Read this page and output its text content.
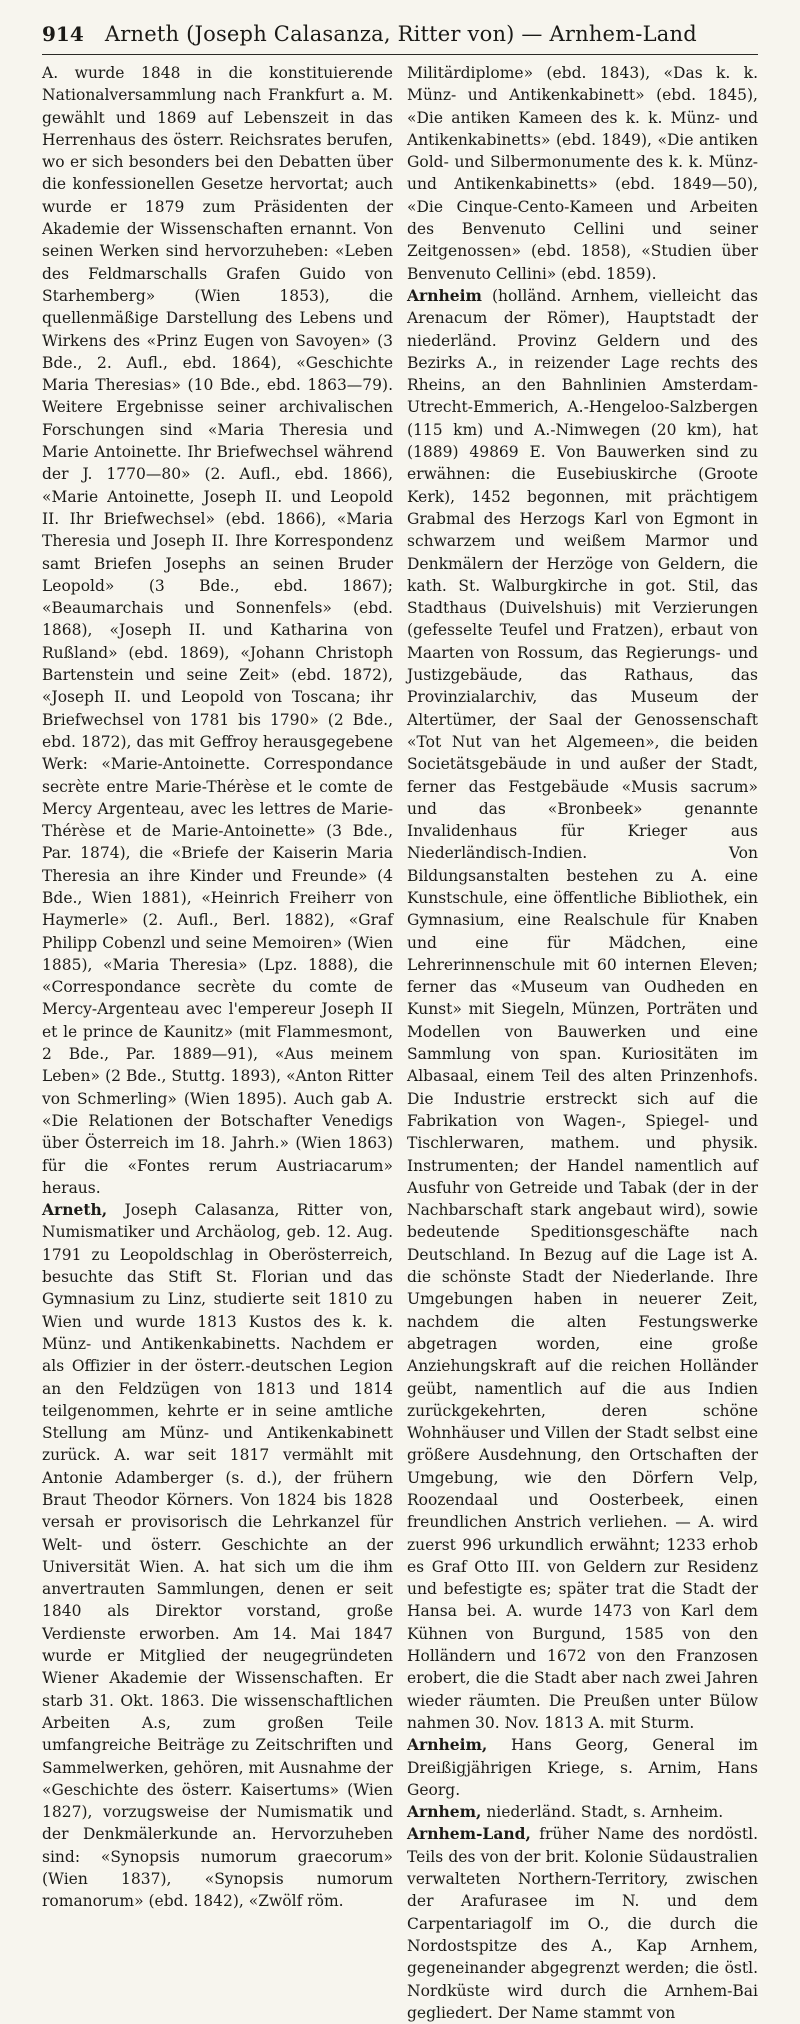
914 Arneth (Joseph Calasanza, Ritter von) — Arnhem-Land

A. wurde 1848 in die konstituierende Nationalversammlung nach Frankfurt a. M. gewählt und 1869 auf Lebenszeit in das Herrenhaus des österr. Reichsrates berufen, wo er sich besonders bei den Debatten über die konfessionellen Gesetze hervortat; auch wurde er 1879 zum Präsidenten der Akademie der Wissenschaften ernannt. Von seinen Werken sind hervorzuheben: «Leben des Feldmarschalls Grafen Guido von Starhemberg» (Wien 1853), die quellenmäßige Darstellung des Lebens und Wirkens des «Prinz Eugen von Savoyen» (3 Bde., 2. Aufl., ebd. 1864), «Geschichte Maria Theresias» (10 Bde., ebd. 1863—79). Weitere Ergebnisse seiner archivalischen Forschungen sind «Maria Theresia und Marie Antoinette. Ihr Briefwechsel während der J. 1770—80» (2. Aufl., ebd. 1866), «Marie Antoinette, Joseph II. und Leopold II. Ihr Briefwechsel» (ebd. 1866), «Maria Theresia und Joseph II. Ihre Korrespondenz samt Briefen Josephs an seinen Bruder Leopold» (3 Bde., ebd. 1867); «Beaumarchais und Sonnenfels» (ebd. 1868), «Joseph II. und Katharina von Rußland» (ebd. 1869), «Johann Christoph Bartenstein und seine Zeit» (ebd. 1872), «Joseph II. und Leopold von Toscana; ihr Briefwechsel von 1781 bis 1790» (2 Bde., ebd. 1872), das mit Geffroy herausgegebene Werk: «Marie-Antoinette. Correspondance secrète entre Marie-Thérèse et le comte de Mercy Argenteau, avec les lettres de Marie-Thérèse et de Marie-Antoinette» (3 Bde., Par. 1874), die «Briefe der Kaiserin Maria Theresia an ihre Kinder und Freunde» (4 Bde., Wien 1881), «Heinrich Freiherr von Haymerle» (2. Aufl., Berl. 1882), «Graf Philipp Cobenzl und seine Memoiren» (Wien 1885), «Maria Theresia» (Lpz. 1888), die «Correspondance secrète du comte de Mercy-Argenteau avec l'empereur Joseph II et le prince de Kaunitz» (mit Flammesmont, 2 Bde., Par. 1889—91), «Aus meinem Leben» (2 Bde., Stuttg. 1893), «Anton Ritter von Schmerling» (Wien 1895). Auch gab A. «Die Relationen der Botschafter Venedigs über Österreich im 18. Jahrh.» (Wien 1863) für die «Fontes rerum Austriacarum» heraus.

Arneth, Joseph Calasanza, Ritter von, Numismatiker und Archäolog, geb. 12. Aug. 1791 zu Leopoldschlag in Oberösterreich, besuchte das Stift St. Florian und das Gymnasium zu Linz, studierte seit 1810 zu Wien und wurde 1813 Kustos des k. k. Münz- und Antikenkabinetts. Nachdem er als Offizier in der österr.-deutschen Legion an den Feldzügen von 1813 und 1814 teilgenommen, kehrte er in seine amtliche Stellung am Münz- und Antikenkabinett zurück. A. war seit 1817 vermählt mit Antonie Adamberger (s. d.), der frühern Braut Theodor Körners. Von 1824 bis 1828 versah er provisorisch die Lehrkanzel für Welt- und österr. Geschichte an der Universität Wien. A. hat sich um die ihm anvertrauten Sammlungen, denen er seit 1840 als Direktor vorstand, große Verdienste erworben. Am 14. Mai 1847 wurde er Mitglied der neugegründeten Wiener Akademie der Wissenschaften. Er starb 31. Okt. 1863. Die wissenschaftlichen Arbeiten A.s, zum großen Teile umfangreiche Beiträge zu Zeitschriften und Sammelwerken, gehören, mit Ausnahme der «Geschichte des österr. Kaisertums» (Wien 1827), vorzugsweise der Numismatik und der Denkmälerkunde an. Hervorzuheben sind: «Synopsis numorum graecorum» (Wien 1837), «Synopsis numorum romanorum» (ebd. 1842), «Zwölf röm.

Militärdiplome» (ebd. 1843), «Das k. k. Münz- und Antikenkabinett» (ebd. 1845), «Die antiken Kameen des k. k. Münz- und Antikenkabinetts» (ebd. 1849), «Die antiken Gold- und Silbermonumente des k. k. Münz- und Antikenkabinetts» (ebd. 1849—50), «Die Cinque-Cento-Kameen und Arbeiten des Benvenuto Cellini und seiner Zeitgenossen» (ebd. 1858), «Studien über Benvenuto Cellini» (ebd. 1859).

Arnheim (holländ. Arnhem, vielleicht das Arenacum der Römer), Hauptstadt der niederländ. Provinz Geldern und des Bezirks A., in reizender Lage rechts des Rheins, an den Bahnlinien Amsterdam-Utrecht-Emmerich, A.-Hengeloo-Salzbergen (115 km) und A.-Nimwegen (20 km), hat (1889) 49869 E. Von Bauwerken sind zu erwähnen: die Eusebiuskirche (Groote Kerk), 1452 begonnen, mit prächtigem Grabmal des Herzogs Karl von Egmont in schwarzem und weißem Marmor und Denkmälern der Herzöge von Geldern, die kath. St. Walburgkirche in got. Stil, das Stadthaus (Duivelshuis) mit Verzierungen (gefesselte Teufel und Fratzen), erbaut von Maarten von Rossum, das Regierungs- und Justizgebäude, das Rathaus, das Provinzialarchiv, das Museum der Altertümer, der Saal der Genossenschaft «Tot Nut van het Algemeen», die beiden Societätsgebäude in und außer der Stadt, ferner das Festgebäude «Musis sacrum» und das «Bronbeek» genannte Invalidenhaus für Krieger aus Niederländisch-Indien. Von Bildungsanstalten bestehen zu A. eine Kunstschule, eine öffentliche Bibliothek, ein Gymnasium, eine Realschule für Knaben und eine für Mädchen, eine Lehrerinnenschule mit 60 internen Eleven; ferner das «Museum van Oudheden en Kunst» mit Siegeln, Münzen, Porträten und Modellen von Bauwerken und eine Sammlung von span. Kuriositäten im Albasaal, einem Teil des alten Prinzenhofs. Die Industrie erstreckt sich auf die Fabrikation von Wagen-, Spiegel- und Tischlerwaren, mathem. und physik. Instrumenten; der Handel namentlich auf Ausfuhr von Getreide und Tabak (der in der Nachbarschaft stark angebaut wird), sowie bedeutende Speditionsgeschäfte nach Deutschland. In Bezug auf die Lage ist A. die schönste Stadt der Niederlande. Ihre Umgebungen haben in neuerer Zeit, nachdem die alten Festungswerke abgetragen worden, eine große Anziehungskraft auf die reichen Holländer geübt, namentlich auf die aus Indien zurückgekehrten, deren schöne Wohnhäuser und Villen der Stadt selbst eine größere Ausdehnung, den Ortschaften der Umgebung, wie den Dörfern Velp, Roozendaal und Oosterbeek, einen freundlichen Anstrich verliehen. — A. wird zuerst 996 urkundlich erwähnt; 1233 erhob es Graf Otto III. von Geldern zur Residenz und befestigte es; später trat die Stadt der Hansa bei. A. wurde 1473 von Karl dem Kühnen von Burgund, 1585 von den Holländern und 1672 von den Franzosen erobert, die die Stadt aber nach zwei Jahren wieder räumten. Die Preußen unter Bülow nahmen 30. Nov. 1813 A. mit Sturm.

Arnheim, Hans Georg, General im Dreißigjährigen Kriege, s. Arnim, Hans Georg.

Arnhem, niederländ. Stadt, s. Arnheim.

Arnhem-Land, früher Name des nordöstl. Teils des von der brit. Kolonie Südaustralien verwalteten Northern-Territory, zwischen der Arafurasee im N. und dem Carpentariagolf im O., die durch die Nordostspitze des A., Kap Arnhem, gegeneinander abgegrenzt werden; die östl. Nordküste wird durch die Arnhem-Bai gegliedert. Der Name stammt von
